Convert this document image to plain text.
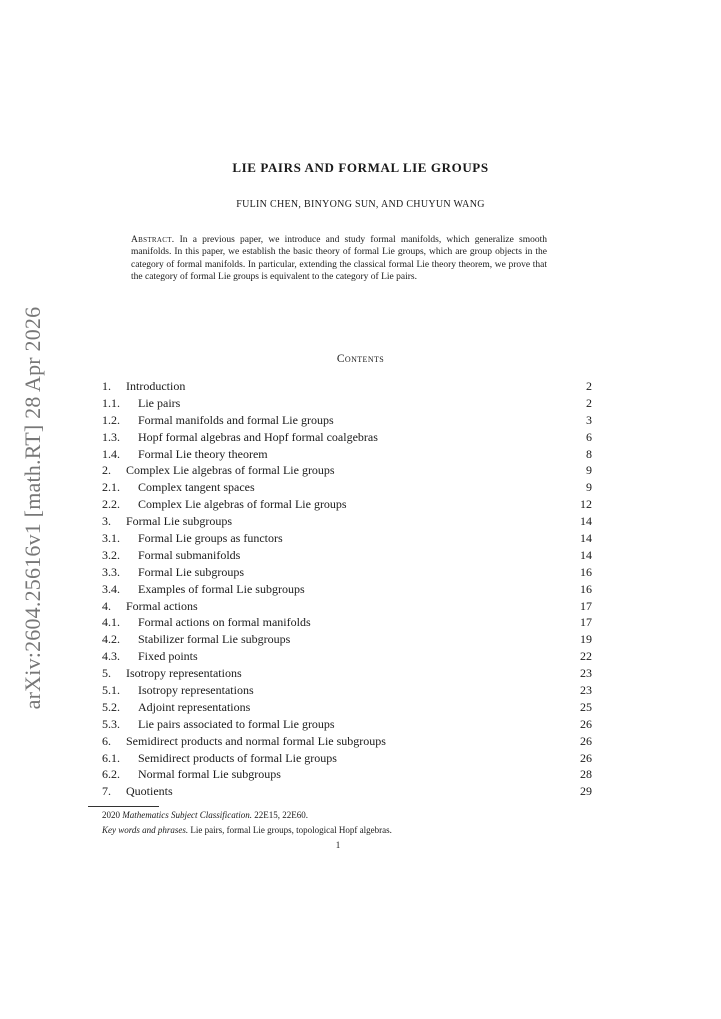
arXiv:2604.25616v1 [math.RT] 28 Apr 2026
LIE PAIRS AND FORMAL LIE GROUPS
FULIN CHEN, BINYONG SUN, AND CHUYUN WANG
Abstract. In a previous paper, we introduce and study formal manifolds, which generalize smooth manifolds. In this paper, we establish the basic theory of formal Lie groups, which are group objects in the category of formal manifolds. In particular, extending the classical formal Lie theory theorem, we prove that the category of formal Lie groups is equivalent to the category of Lie pairs.
Contents
1.	Introduction	2
1.1.	Lie pairs	2
1.2.	Formal manifolds and formal Lie groups	3
1.3.	Hopf formal algebras and Hopf formal coalgebras	6
1.4.	Formal Lie theory theorem	8
2.	Complex Lie algebras of formal Lie groups	9
2.1.	Complex tangent spaces	9
2.2.	Complex Lie algebras of formal Lie groups	12
3.	Formal Lie subgroups	14
3.1.	Formal Lie groups as functors	14
3.2.	Formal submanifolds	14
3.3.	Formal Lie subgroups	16
3.4.	Examples of formal Lie subgroups	16
4.	Formal actions	17
4.1.	Formal actions on formal manifolds	17
4.2.	Stabilizer formal Lie subgroups	19
4.3.	Fixed points	22
5.	Isotropy representations	23
5.1.	Isotropy representations	23
5.2.	Adjoint representations	25
5.3.	Lie pairs associated to formal Lie groups	26
6.	Semidirect products and normal formal Lie subgroups	26
6.1.	Semidirect products of formal Lie groups	26
6.2.	Normal formal Lie subgroups	28
7.	Quotients	29
2020 Mathematics Subject Classification. 22E15, 22E60.
Key words and phrases. Lie pairs, formal Lie groups, topological Hopf algebras.
1
